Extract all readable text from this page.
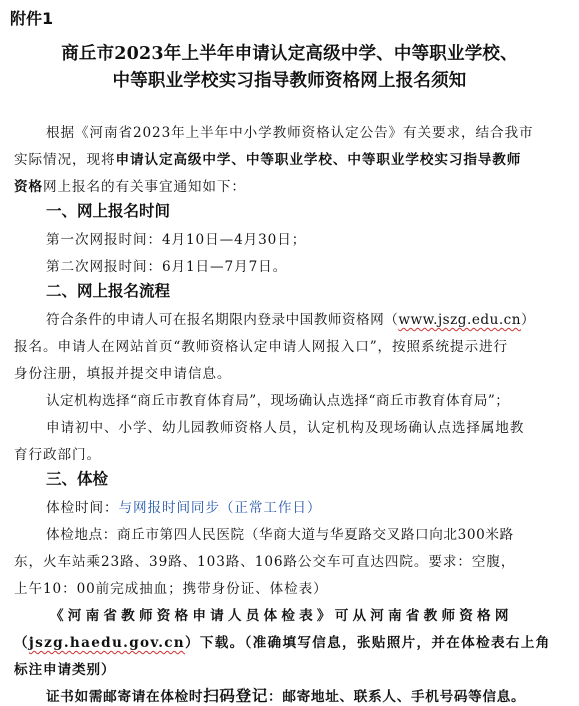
附件1
商丘市2023年上半年申请认定高级中学、中等职业学校、
中等职业学校实习指导教师资格网上报名须知
根据《河南省2023年上半年中小学教师资格认定公告》有关要求，结合我市
实际情况，现将申请认定高级中学、中等职业学校、中等职业学校实习指导教师
资格网上报名的有关事宜通知如下：
一、网上报名时间
第一次网报时间：4月10日—4月30日；
第二次网报时间：6月1日—7月7日。
二、网上报名流程
符合条件的申请人可在报名期限内登录中国教师资格网（www.jszg.edu.cn）
报名。申请人在网站首页“教师资格认定申请人网报入口”，按照系统提示进行
身份注册，填报并提交申请信息。
认定机构选择“商丘市教育体育局”，现场确认点选择“商丘市教育体育局”；
申请初中、小学、幼儿园教师资格人员，认定机构及现场确认点选择属地教
育行政部门。
三、体检
体检时间：与网报时间同步（正常工作日）
体检地点：商丘市第四人民医院（华商大道与华夏路交叉路口向北300米路
东，火车站乘23路、39路、103路、106路公交车可直达四院。要求：空腹，
上午10：00前完成抽血；携带身份证、体检表）
《河南省教师资格申请人员体检表》可从河南省教师资格网
（jszg.haedu.gov.cn）下载。（准确填写信息，张贴照片，并在体检表右上角
标注申请类别）
证书如需邮寄请在体检时扫码登记：邮寄地址、联系人、手机号码等信息。
